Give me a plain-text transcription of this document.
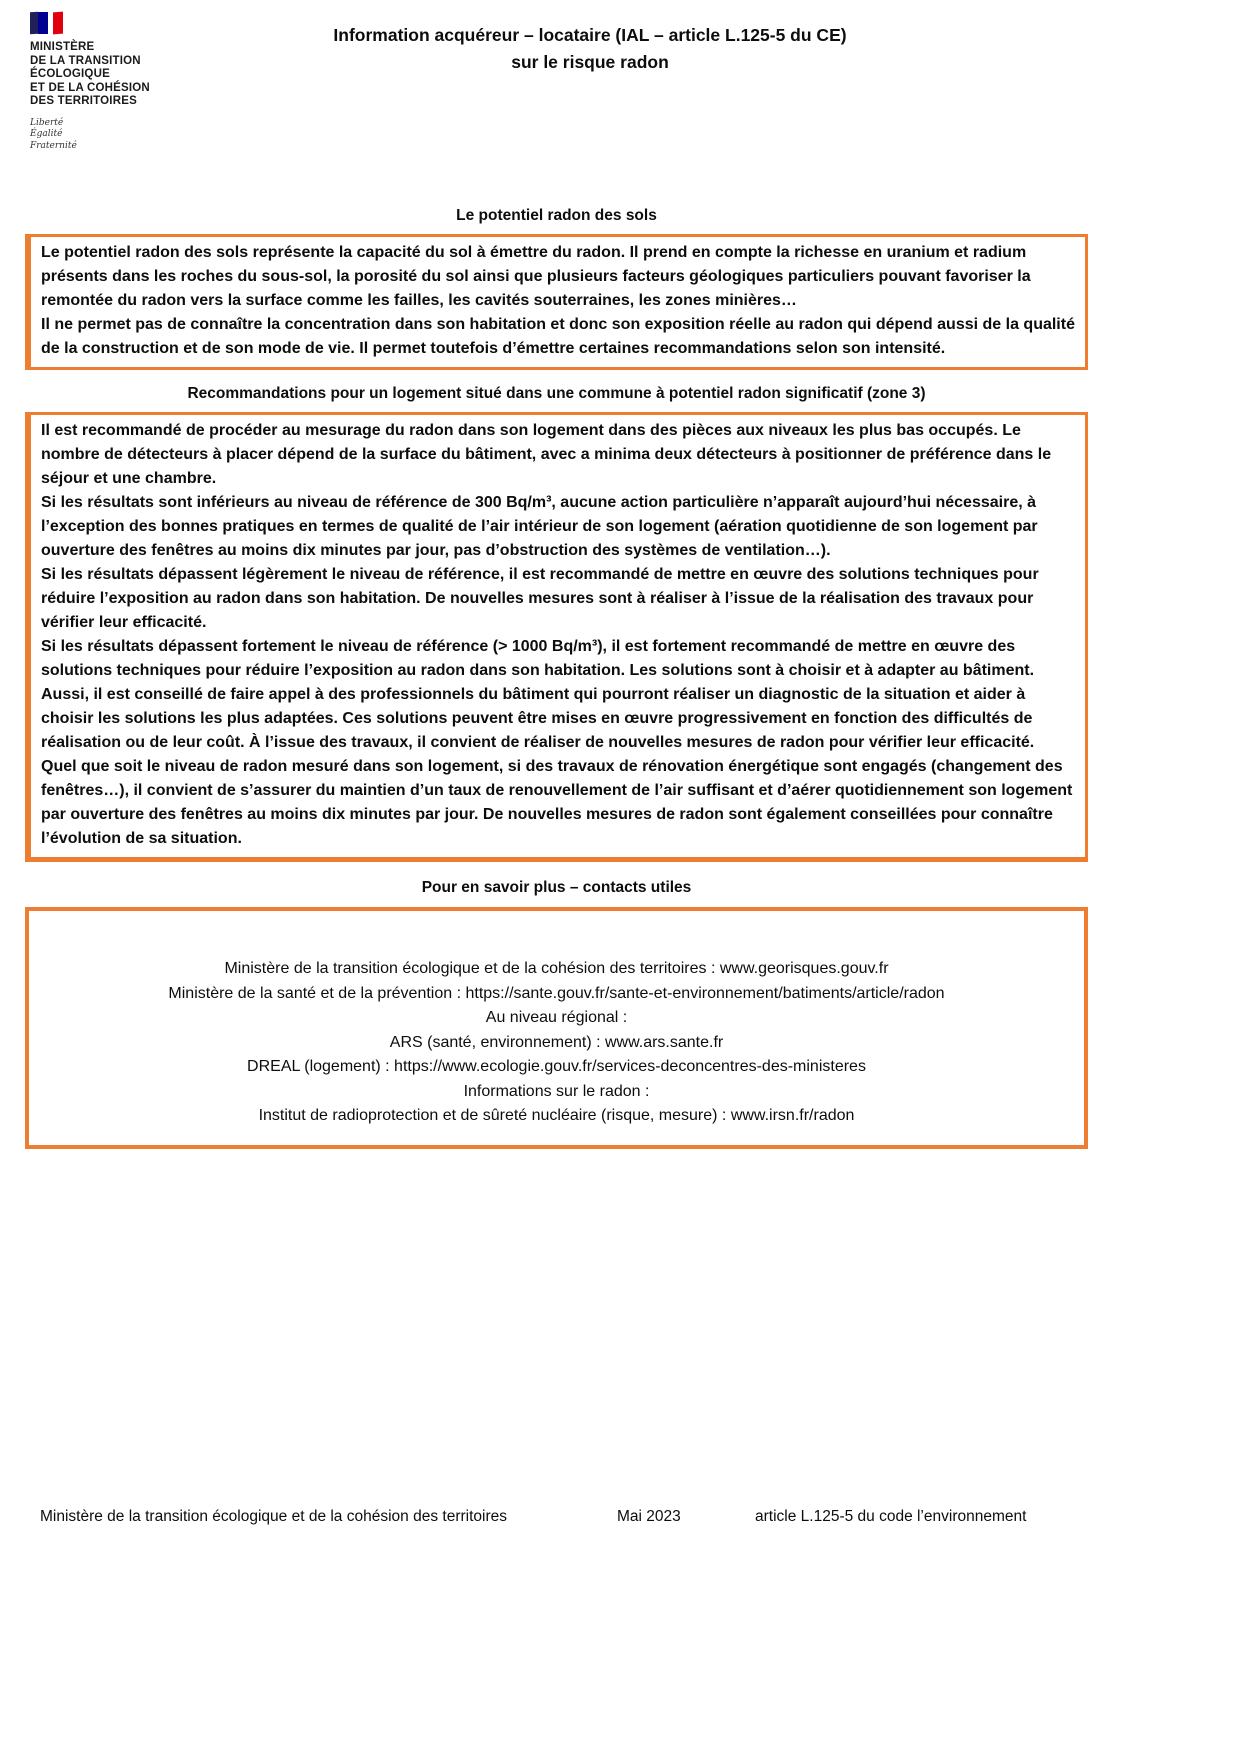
MINISTÈRE
DE LA TRANSITION
ÉCOLOGIQUE
ET DE LA COHÉSION
DES TERRITOIRES
Liberté
Égalité
Fraternité
Information acquéreur – locataire (IAL – article L.125-5 du CE)
sur le risque radon
Le potentiel radon des sols

Le potentiel radon des sols représente la capacité du sol à émettre du radon. Il prend en compte la richesse en uranium et radium présents dans les roches du sous-sol, la porosité du sol ainsi que plusieurs facteurs géologiques particuliers pouvant favoriser la remontée du radon vers la surface comme les failles, les cavités souterraines, les zones minières…

Il ne permet pas de connaître la concentration dans son habitation et donc son exposition réelle au radon qui dépend aussi de la qualité de la construction et de son mode de vie. Il permet toutefois d’émettre certaines recommandations selon son intensité.

Recommandations pour un logement situé dans une commune à potentiel radon significatif (zone 3)

Il est recommandé de procéder au mesurage du radon dans son logement dans des pièces aux niveaux les plus bas occupés. Le nombre de détecteurs à placer dépend de la surface du bâtiment, avec a minima deux détecteurs à positionner de préférence dans le séjour et une chambre.

Si les résultats sont inférieurs au niveau de référence de 300 Bq/m³, aucune action particulière n’apparaît aujourd’hui nécessaire, à l’exception des bonnes pratiques en termes de qualité de l’air intérieur de son logement (aération quotidienne de son logement par ouverture des fenêtres au moins dix minutes par jour, pas d’obstruction des systèmes de ventilation…).

Si les résultats dépassent légèrement le niveau de référence, il est recommandé de mettre en œuvre des solutions techniques pour réduire l’exposition au radon dans son habitation. De nouvelles mesures sont à réaliser à l’issue de la réalisation des travaux pour vérifier leur efficacité.

Si les résultats dépassent fortement le niveau de référence (> 1000 Bq/m³), il est fortement recommandé de mettre en œuvre des solutions techniques pour réduire l’exposition au radon dans son habitation. Les solutions sont à choisir et à adapter au bâtiment. Aussi, il est conseillé de faire appel à des professionnels du bâtiment qui pourront réaliser un diagnostic de la situation et aider à choisir les solutions les plus adaptées. Ces solutions peuvent être mises en œuvre progressivement en fonction des difficultés de réalisation ou de leur coût. À l’issue des travaux, il convient de réaliser de nouvelles mesures de radon pour vérifier leur efficacité.

Quel que soit le niveau de radon mesuré dans son logement, si des travaux de rénovation énergétique sont engagés (changement des fenêtres…), il convient de s’assurer du maintien d’un taux de renouvellement de l’air suffisant et d’aérer quotidiennement son logement par ouverture des fenêtres au moins dix minutes par jour. De nouvelles mesures de radon sont également conseillées pour connaître l’évolution de sa situation.

Pour en savoir plus – contacts utiles
Ministère de la transition écologique et de la cohésion des territoires : www.georisques.gouv.fr
Ministère de la santé et de la prévention : https://sante.gouv.fr/sante-et-environnement/batiments/article/radon
Au niveau régional :
ARS (santé, environnement) : www.ars.sante.fr
DREAL (logement) : https://www.ecologie.gouv.fr/services-deconcentres-des-ministeres
Informations sur le radon :
Institut de radioprotection et de sûreté nucléaire (risque, mesure) : www.irsn.fr/radon
Ministère de la transition écologique et de la cohésion des territoires	Mai 2023	article L.125-5 du code l’environnement
